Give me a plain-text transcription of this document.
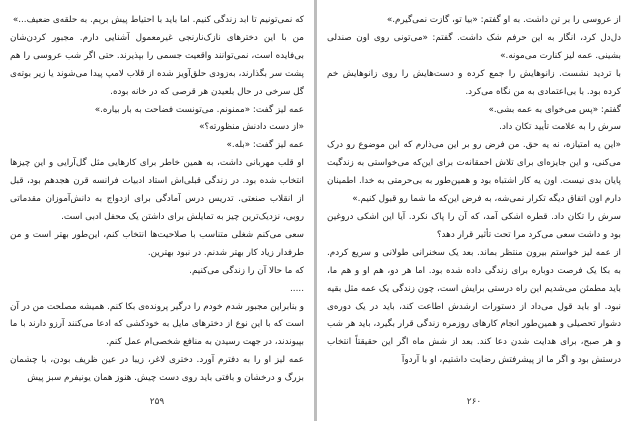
که نمی‌تونیم تا ابد زندگی کنیم. اما باید با احتیاط پیش بریم. به حلقه‌ی ضعیف...»

من با این دخترهای نازک‌نارنجی غیرمعمول آشنایی دارم. مجبور کردن‌شان بی‌فایده است، نمی‌توانند واقعیت جسمی را بپذیرند. حتی اگر شب عروسی را هم پشت سر بگذارند، به‌زودی حلق‌آویز شده از قلاب لامپ پیدا می‌شوند یا زیر بوته‌ی گل سرخی در حال بلعیدن هر قرصی که در خانه بوده.

عمه لیز گفت: «ممنونم. می‌تونست فضاحت به بار بیاره.»

«از دست دادنش منظورته؟»

عمه لیز گفت: «بله.»

او قلب مهربانی داشت، به همین خاطر برای کارهایی مثل گل‌آرایی و این چیزها انتخاب شده بود. در زندگی قبلی‌اش استاد ادبیات فرانسه قرن هجدهم بود، قبل از انقلاب صنعتی. تدریس درس آمادگی برای ازدواج به دانش‌آموزان مقدماتی روبی، نزدیک‌ترین چیز به تمایلش برای داشتن یک محفل ادبی است.

سعی می‌کنم شغلی متناسب با صلاحیت‌ها انتخاب کنم، این‌طور بهتر است و من طرفدار زیاد کار بهتر شدنم. در نبود بهترین.

که ما حالا آن را زندگی می‌کنیم.

.....

و بنابراین مجبور شدم خودم را درگیر پرونده‌ی بکا کنم. همیشه مصلحت من در آن است که با این نوع از دخترهای مایل به خودکشی که ادعا می‌کنند آرزو دارند با ما بپیوندند، در جهت رسیدن به منافع شخصی‌ام عمل کنم.

عمه لیز او را به دفترم آورد. دختری لاغر، زیبا در عین ظریف بودن، با چشمان بزرگ و درخشان و بافتی باید روی دست چیش. هنوز همان یونیفرم سبز پیش

۲۵۹

از عروسی را بر تن داشت. به او گفتم: «بیا تو، گازت نمی‌گیرم.»

دل‌دل کرد، انگار به این حرفم شک داشت. گفتم: «می‌تونی روی اون صندلی بشینی. عمه لیز کنارت می‌مونه.»

با تردید نشست. زانوهایش را جمع کرده و دست‌هایش را روی زانوهایش خم کرده بود. با بی‌اعتمادی به من نگاه می‌کرد.

گفتم: «پس می‌خوای به عمه بشی.»

سرش را به علامت تأیید تکان داد.

«این یه امتیازه، نه یه حق. من فرض رو بر این می‌ذارم که این موضوع رو درک می‌کنی، و این جایزه‌ای برای تلاش احمقانه‌ت برای این‌که می‌خواستی به زندگیت پایان بدی نیست. اون یه کار اشتباه بود و همین‌طور به بی‌حرمتی به خدا. اطمینان دارم اون اتفاق دیگه تکرار نمی‌شه، به فرض این‌که ما شما رو قبول کنیم.»

سرش را تکان داد. قطره اشکی آمد، که آن را پاک نکرد. آیا این اشکی دروغین بود و داشت سعی می‌کرد مرا تحت تأثیر قرار دهد؟

از عمه لیز خواستم بیرون منتظر بماند. بعد یک سخنرانی طولانی و سریع کردم. به بکا یک فرصت دوباره برای زندگی داده شده بود. اما هر دو، هم او و هم ما، باید مطمئن می‌شدیم این راه درستی برایش است، چون زندگی یک عمه مثل بقیه نبود. او باید قول می‌داد از دستورات ارشدش اطاعت کند، باید در یک دوره‌ی دشوار تحصیلی و همین‌طور انجام کارهای روزمره زندگی قرار بگیرد، باید هر شب و هر صبح، برای هدایت شدن دعا کند. بعد از شش ماه اگر این حقیقتاً انتخاب درستش بود و اگر ما از پیشرفتش رضایت داشتیم، او با آردوآ

۲۶۰
